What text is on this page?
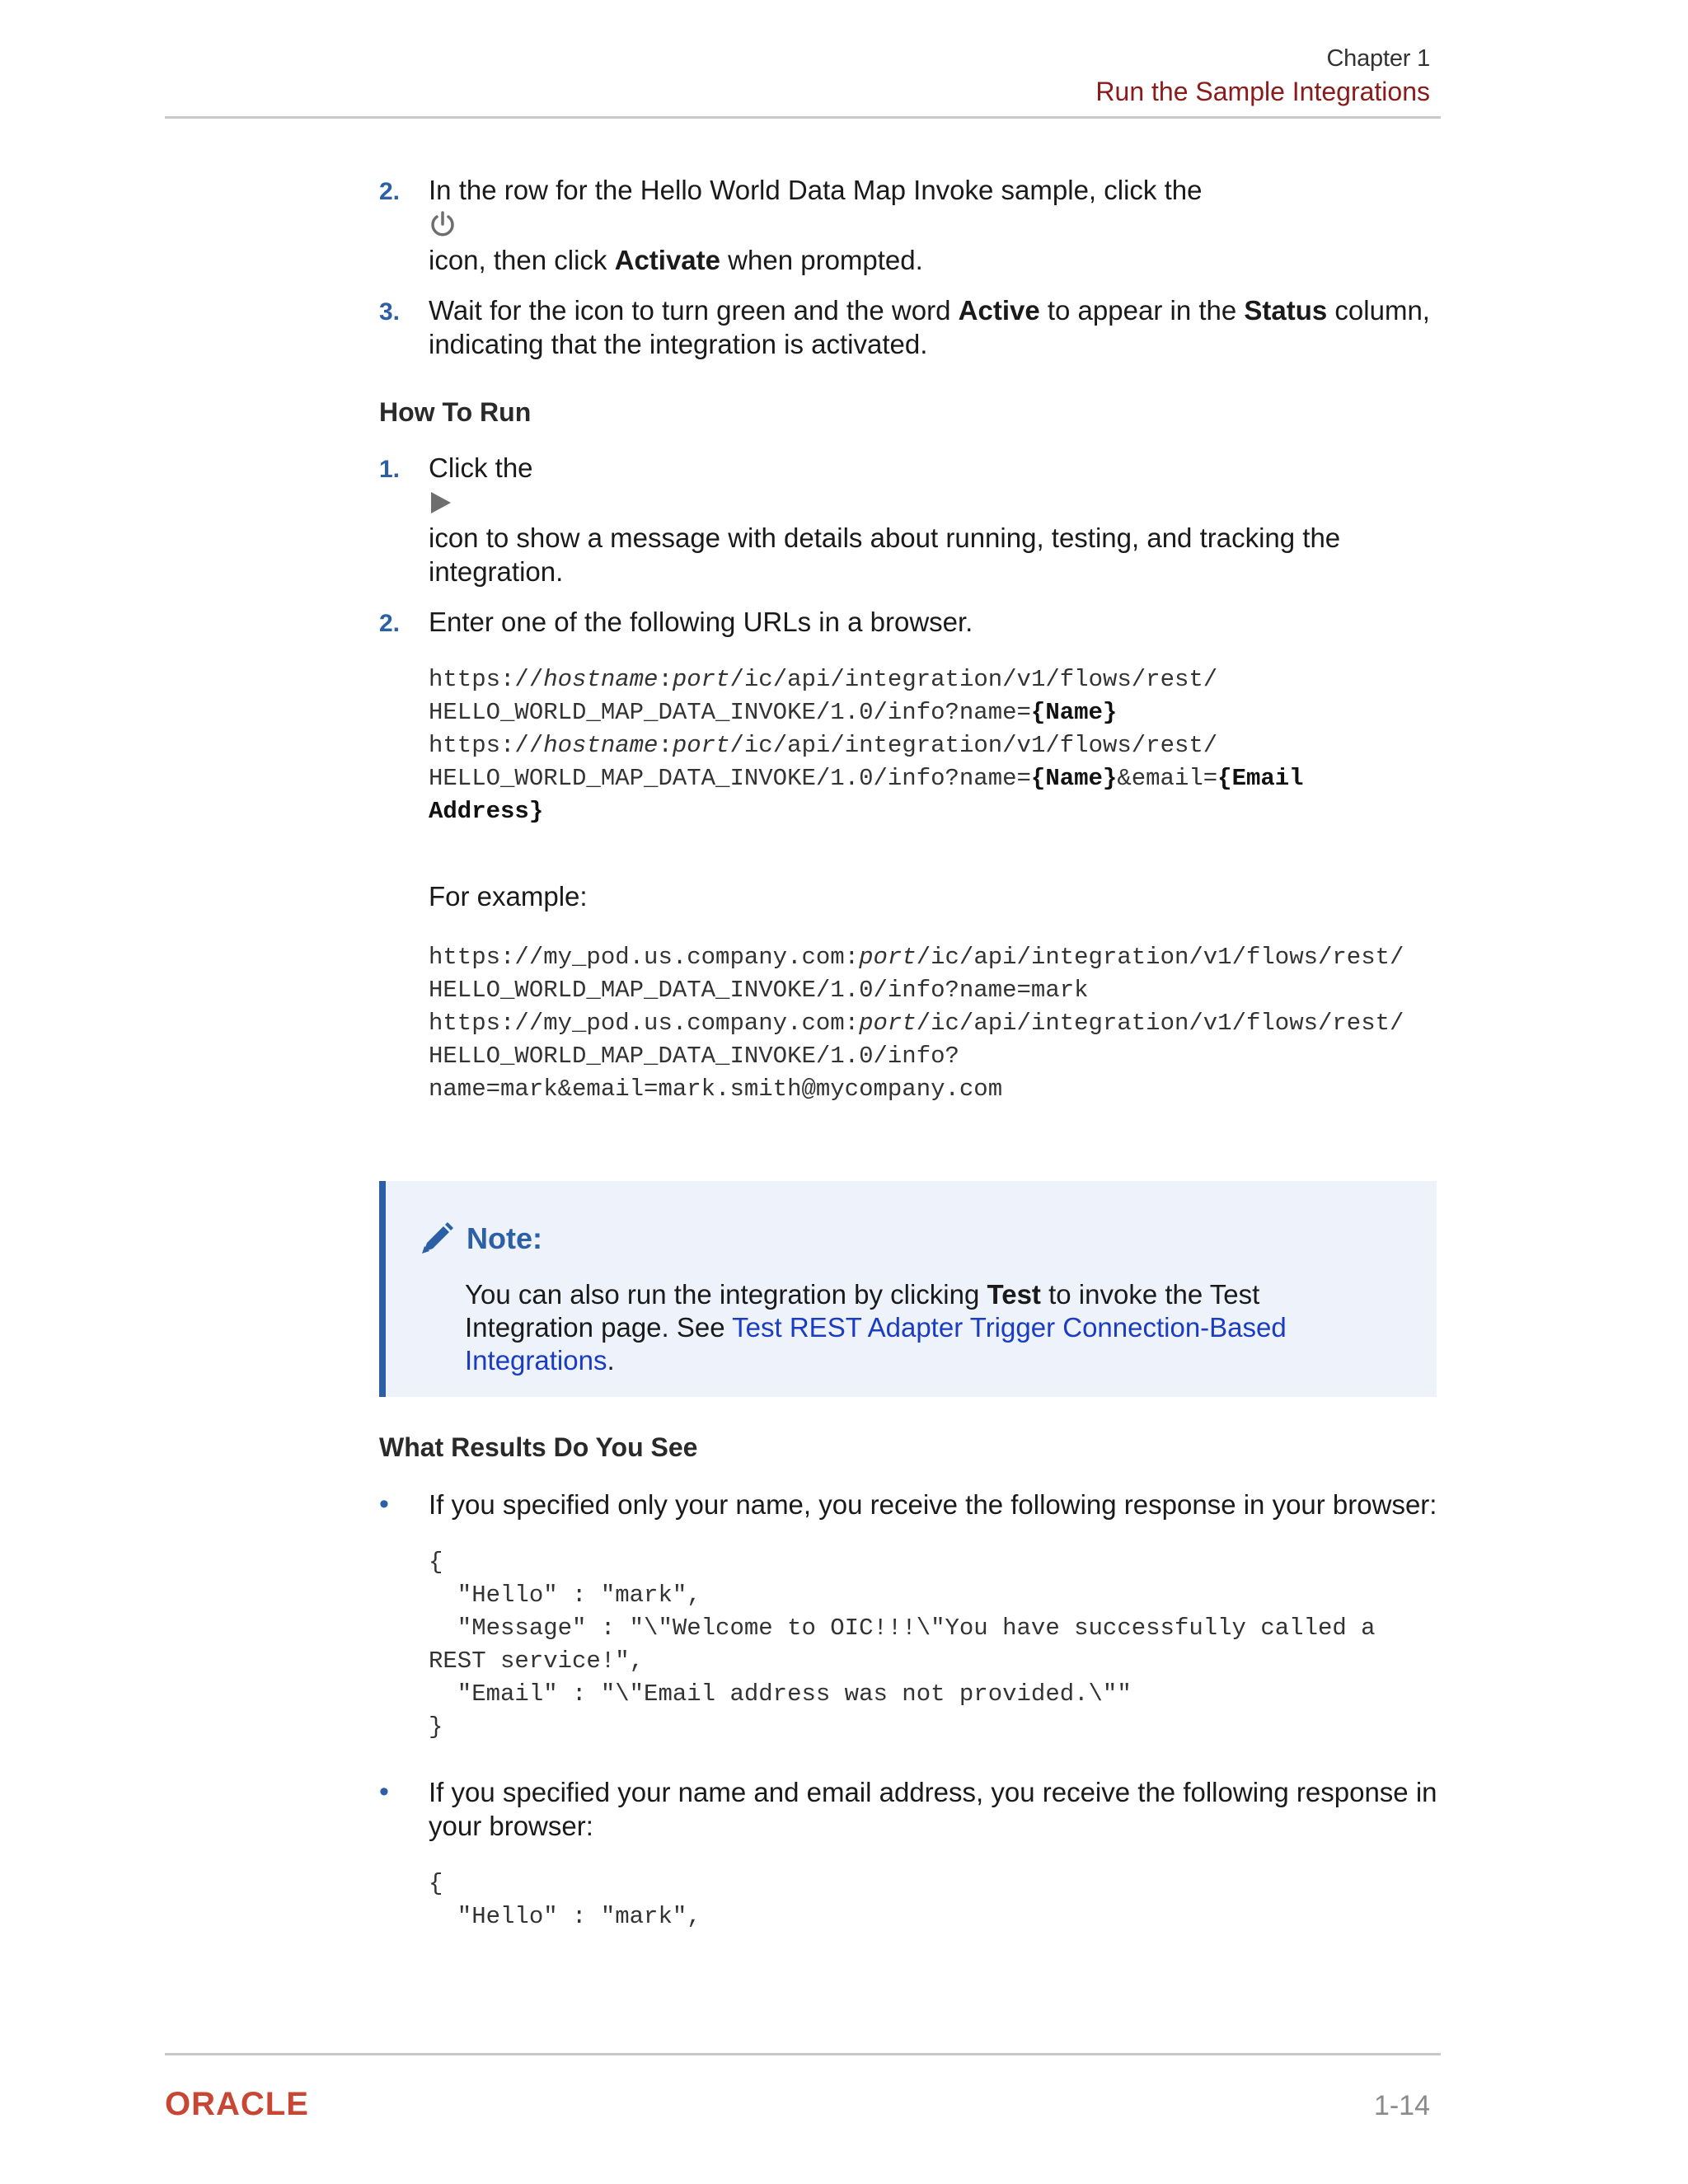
Chapter 1
Run the Sample Integrations
2. In the row for the Hello World Data Map Invoke sample, click the

icon, then click Activate when prompted.

3. Wait for the icon to turn green and the word Active to appear in the Status column, indicating that the integration is activated.

How To Run
1. Click the

icon to show a message with details about running, testing, and tracking the integration.

2. Enter one of the following URLs in a browser.

https://hostname:port/ic/api/integration/v1/flows/rest/
HELLO_WORLD_MAP_DATA_INVOKE/1.0/info?name={Name}
https://hostname:port/ic/api/integration/v1/flows/rest/
HELLO_WORLD_MAP_DATA_INVOKE/1.0/info?name={Name}&email={Email
Address}

For example:

https://my_pod.us.company.com:port/ic/api/integration/v1/flows/rest/
HELLO_WORLD_MAP_DATA_INVOKE/1.0/info?name=mark
https://my_pod.us.company.com:port/ic/api/integration/v1/flows/rest/
HELLO_WORLD_MAP_DATA_INVOKE/1.0/info?
name=mark&email=mark.smith@mycompany.com
Note:
You can also run the integration by clicking Test to invoke the Test Integration page. See Test REST Adapter Trigger Connection-Based Integrations.
What Results Do You See
• If you specified only your name, you receive the following response in your browser:

{
"Hello" : "mark",
"Message" : "\"Welcome to OIC!!!\"You have successfully called a
REST service!",
"Email" : "\"Email address was not provided.\""
}
• If you specified your name and email address, you receive the following response in your browser:

{
"Hello" : "mark",
ORACLE	1-14
